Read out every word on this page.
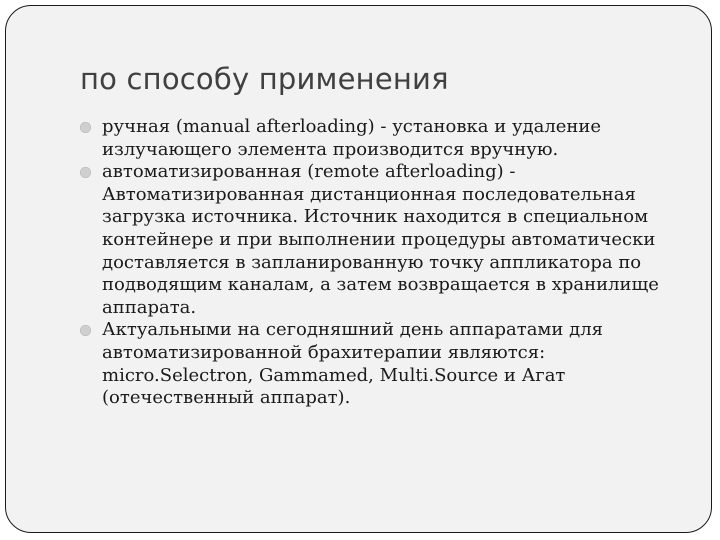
по способу применения
ручная (manual afterloading) - установка и удаление излучающего элемента производится вручную.
автоматизированная (remote afterloading) - Автоматизированная дистанционная последовательная загрузка источника. Источник находится в специальном контейнере и при выполнении процедуры автоматически доставляется в запланированную точку аппликатора по подводящим каналам, а затем возвращается в хранилище аппарата.
Актуальными на сегодняшний день аппаратами для автоматизированной брахитерапии являются: micro.Selectron, Gammamed, Multi.Source и Агат (отечественный аппарат).
